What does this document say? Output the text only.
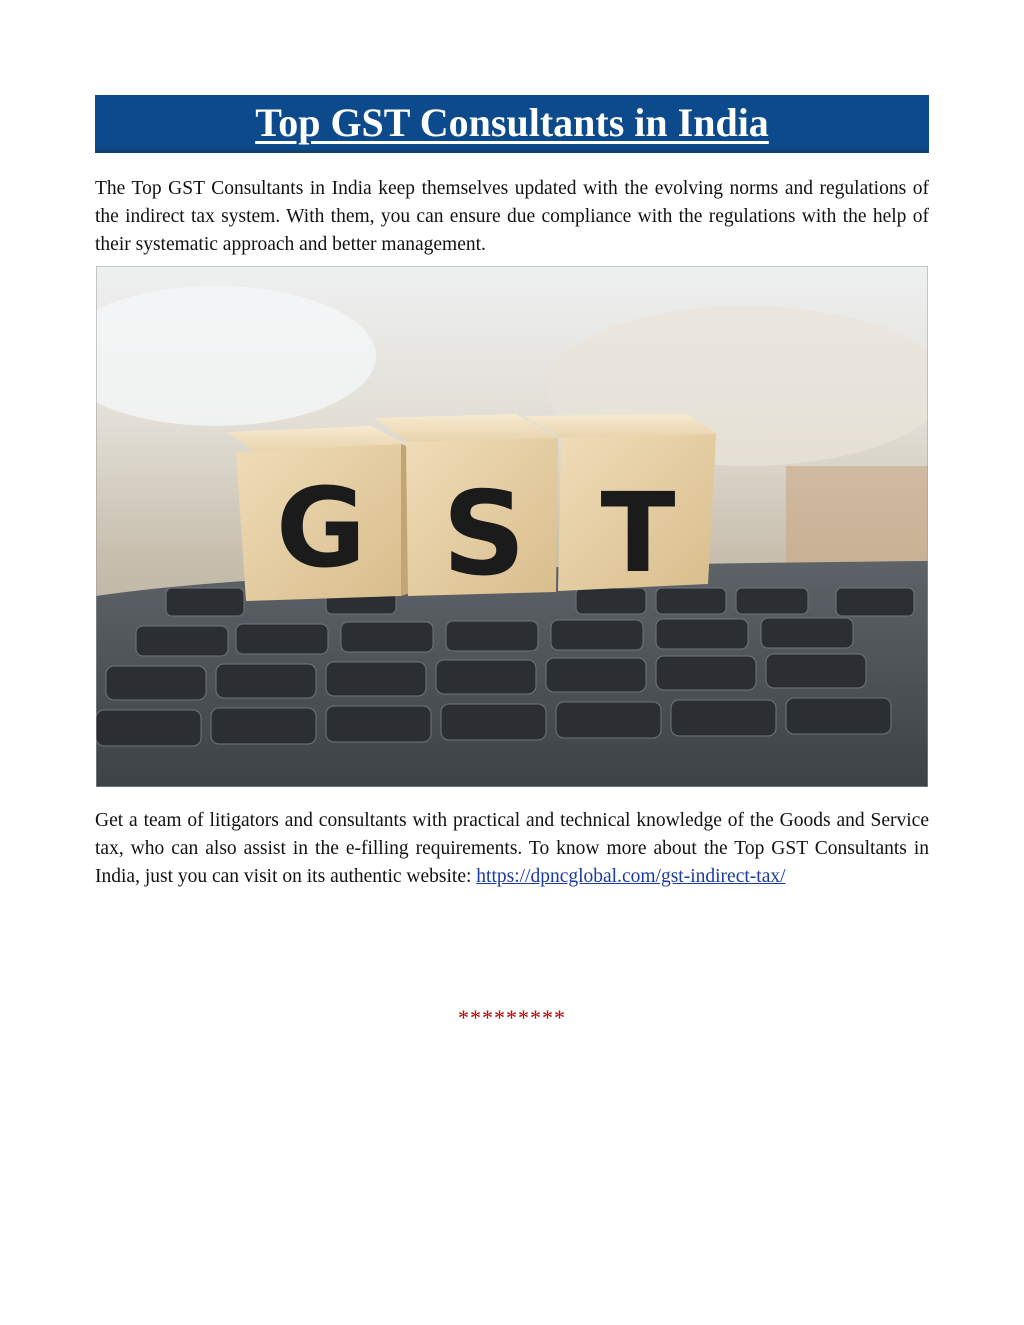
Top GST Consultants in India

The Top GST Consultants in India keep themselves updated with the evolving norms and regulations of the indirect tax system. With them, you can ensure due compliance with the regulations with the help of their systematic approach and better management.

G S T

Get a team of litigators and consultants with practical and technical knowledge of the Goods and Service tax, who can also assist in the e-filling requirements. To know more about the Top GST Consultants in India, just you can visit on its authentic website: https://dpncglobal.com/gst-indirect-tax/

*********
